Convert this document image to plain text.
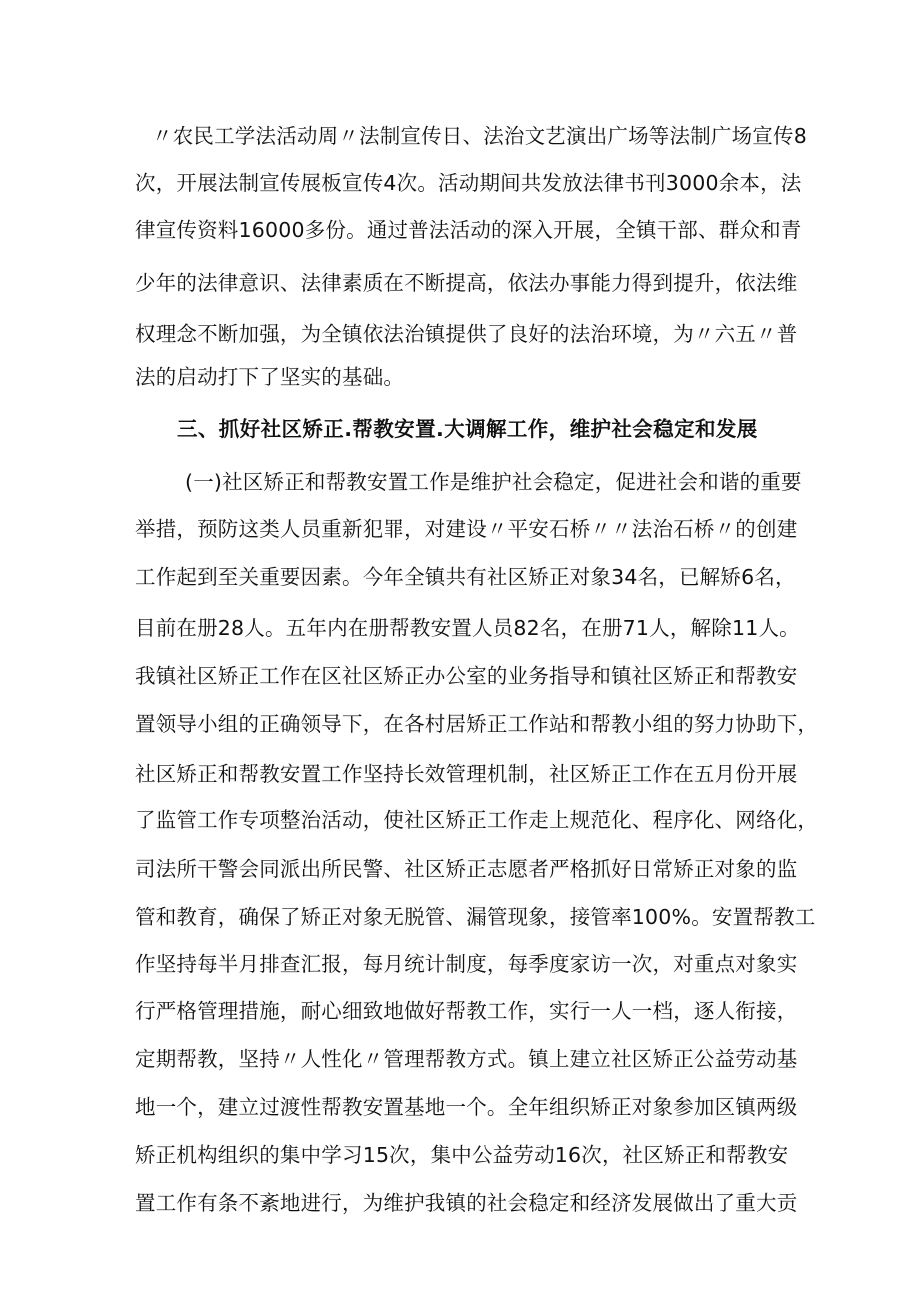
〃农民工学法活动周〃法制宣传日、法治文艺演出广场等法制广场宣传8
次，开展法制宣传展板宣传4次。活动期间共发放法律书刊3000余本，法
律宣传资料16000多份。通过普法活动的深入开展，全镇干部、群众和青
少年的法律意识、法律素质在不断提高，依法办事能力得到提升，依法维
权理念不断加强，为全镇依法治镇提供了良好的法治环境，为〃六五〃普
法的启动打下了坚实的基础。
三、抓好社区矫正.帮教安置.大调解工作，维护社会稳定和发展
(一)社区矫正和帮教安置工作是维护社会稳定，促进社会和谐的重要
举措，预防这类人员重新犯罪，对建设〃平安石桥〃〃法治石桥〃的创建
工作起到至关重要因素。今年全镇共有社区矫正对象34名，已解矫6名，
目前在册28人。五年内在册帮教安置人员82名，在册71人，解除11人。
我镇社区矫正工作在区社区矫正办公室的业务指导和镇社区矫正和帮教安
置领导小组的正确领导下，在各村居矫正工作站和帮教小组的努力协助下，
社区矫正和帮教安置工作坚持长效管理机制，社区矫正工作在五月份开展
了监管工作专项整治活动，使社区矫正工作走上规范化、程序化、网络化，
司法所干警会同派出所民警、社区矫正志愿者严格抓好日常矫正对象的监
管和教育，确保了矫正对象无脱管、漏管现象，接管率100%。安置帮教工
作坚持每半月排查汇报，每月统计制度，每季度家访一次，对重点对象实
行严格管理措施，耐心细致地做好帮教工作，实行一人一档，逐人衔接，
定期帮教，坚持〃人性化〃管理帮教方式。镇上建立社区矫正公益劳动基
地一个，建立过渡性帮教安置基地一个。全年组织矫正对象参加区镇两级
矫正机构组织的集中学习15次，集中公益劳动16次，社区矫正和帮教安
置工作有条不紊地进行，为维护我镇的社会稳定和经济发展做出了重大贡
